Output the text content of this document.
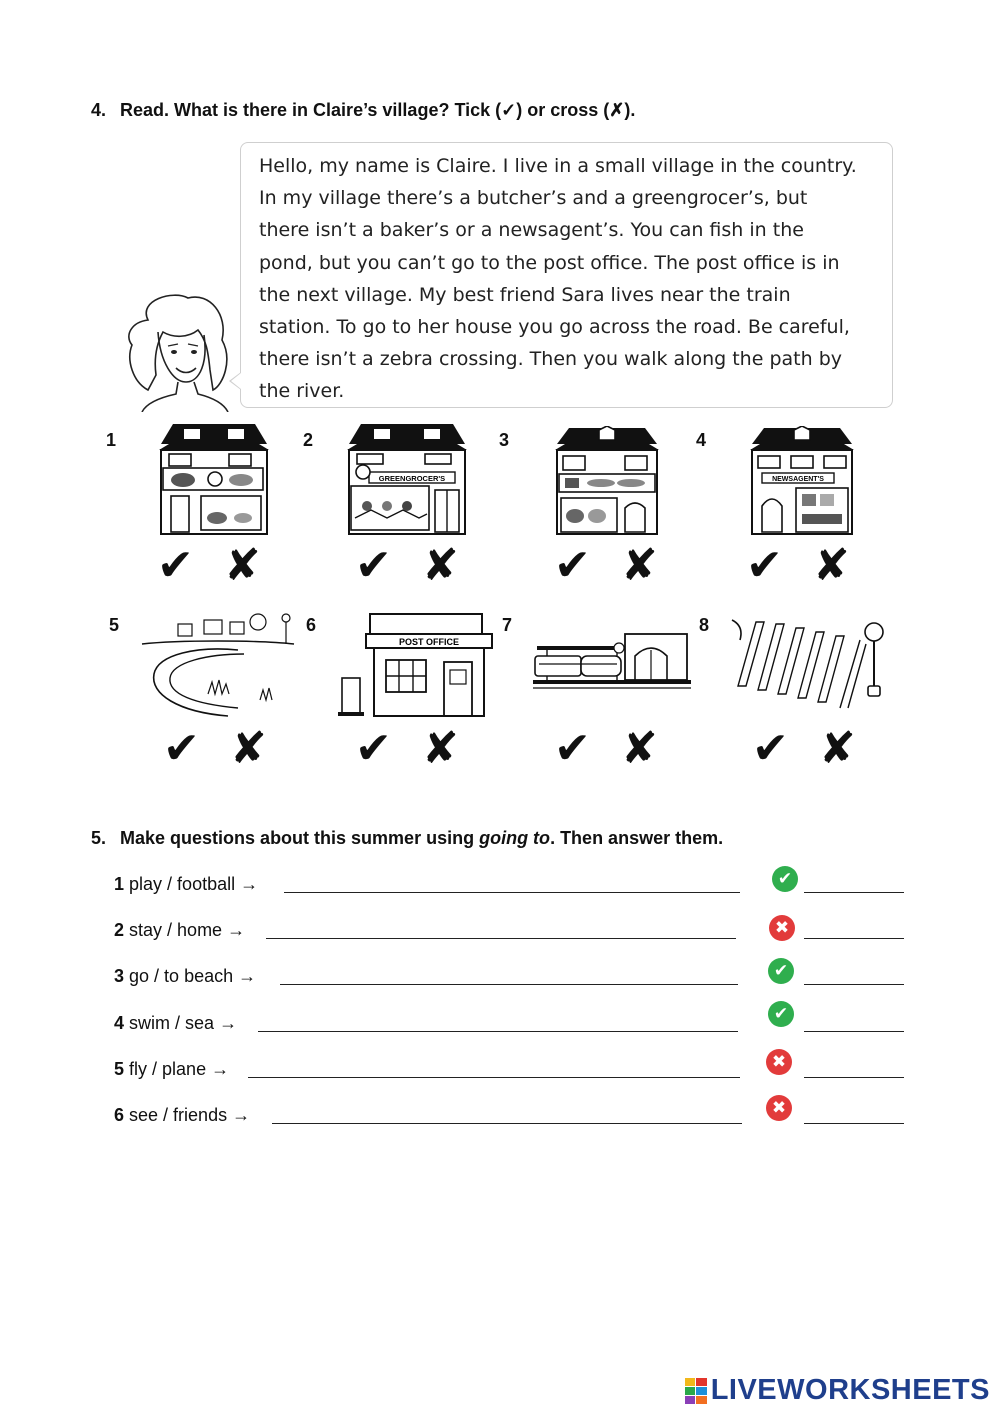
4. Read. What is there in Claire’s village? Tick (✓) or cross (✗).
Hello, my name is Claire. I live in a small village in the country.
In my village there’s a butcher’s and a greengrocer’s, but
there isn’t a baker’s or a newsagent’s. You can fish in the
pond, but you can’t go to the post office. The post office is in
the next village. My best friend Sara lives near the train
station. To go to her house you go across the road. Be careful,
there isn’t a zebra crossing. Then you walk along the path by
the river.
1	2	3	4
5	6	7	8
GREENGROCER'S	NEWSAGENT'S
POST OFFICE
✔ ✘ ✔ ✘ ✔ ✘ ✔ ✘
✔ ✘ ✔ ✘ ✔ ✘ ✔ ✘
5. Make questions about this summer using going to. Then answer them.
1 play / football →	✔
2 stay / home →	✖
3 go / to beach →	✔
4 swim / sea →	✔
5 fly / plane →	✖
6 see / friends →	✖
LIVEWORKSHEETS
